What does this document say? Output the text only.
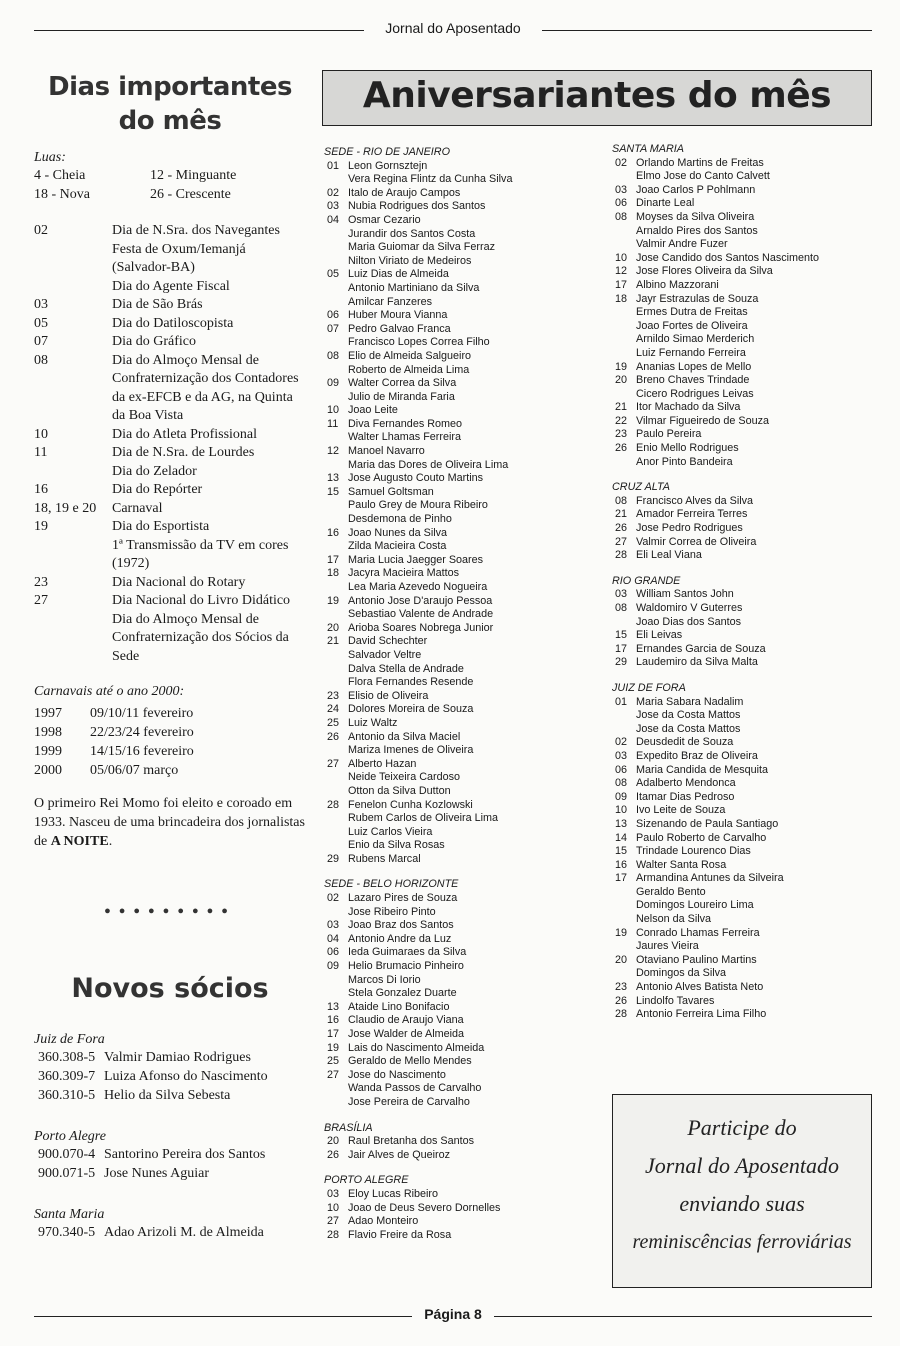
Jornal do Aposentado
Dias importantes
do mês
Luas:
4 - Cheia	12 - Minguante
18 - Nova	26 - Crescente
02	Dia de N.Sra. dos Navegantes
Festa de Oxum/Iemanjá (Salvador-BA)
Dia do Agente Fiscal
03	Dia de São Brás
05	Dia do Datiloscopista
07	Dia do Gráfico
08	Dia do Almoço Mensal de Confraternização dos Contadores da ex-EFCB e da AG, na Quinta da Boa Vista
10	Dia do Atleta Profissional
11	Dia de N.Sra. de Lourdes
Dia do Zelador
16	Dia do Repórter
18, 19 e 20	Carnaval
19	Dia do Esportista
1ª Transmissão da TV em cores (1972)
23	Dia Nacional do Rotary
27	Dia Nacional do Livro Didático
Dia do Almoço Mensal de Confraternização dos Sócios da Sede
Carnavais até o ano 2000:
1997	09/10/11 fevereiro
1998	22/23/24 fevereiro
1999	14/15/16 fevereiro
2000	05/06/07 março
O primeiro Rei Momo foi eleito e coroado em 1933. Nasceu de uma brincadeira dos jornalistas de A NOITE.
●●●●●●●●●
Novos sócios
Juiz de Fora
360.308-5 Valmir Damiao Rodrigues
360.309-7 Luiza Afonso do Nascimento
360.310-5 Helio da Silva Sebesta
Porto Alegre
900.070-4 Santorino Pereira dos Santos
900.071-5 Jose Nunes Aguiar
Santa Maria
970.340-5 Adao Arizoli M. de Almeida
Aniversariantes do mês
SEDE - RIO DE JANEIRO
01 Leon Gornsztejn
Vera Regina Flintz da Cunha Silva
02 Italo de Araujo Campos
03 Nubia Rodrigues dos Santos
04 Osmar Cezario
Jurandir dos Santos Costa
Maria Guiomar da Silva Ferraz
Nilton Viriato de Medeiros
05 Luiz Dias de Almeida
Antonio Martiniano da Silva
Amilcar Fanzeres
06 Huber Moura Vianna
07 Pedro Galvao Franca
Francisco Lopes Correa Filho
08 Elio de Almeida Salgueiro
Roberto de Almeida Lima
09 Walter Correa da Silva
Julio de Miranda Faria
10 Joao Leite
11 Diva Fernandes Romeo
Walter Lhamas Ferreira
12 Manoel Navarro
Maria das Dores de Oliveira Lima
13 Jose Augusto Couto Martins
15 Samuel Goltsman
Paulo Grey de Moura Ribeiro
Desdemona de Pinho
16 Joao Nunes da Silva
Zilda Macieira Costa
17 Maria Lucia Jaegger Soares
18 Jacyra Macieira Mattos
Lea Maria Azevedo Nogueira
19 Antonio Jose D'araujo Pessoa
Sebastiao Valente de Andrade
20 Arioba Soares Nobrega Junior
21 David Schechter
Salvador Veltre
Dalva Stella de Andrade
Flora Fernandes Resende
23 Elisio de Oliveira
24 Dolores Moreira de Souza
25 Luiz Waltz
26 Antonio da Silva Maciel
Mariza Imenes de Oliveira
27 Alberto Hazan
Neide Teixeira Cardoso
Otton da Silva Dutton
28 Fenelon Cunha Kozlowski
Rubem Carlos de Oliveira Lima
Luiz Carlos Vieira
Enio da Silva Rosas
29 Rubens Marcal
SEDE - BELO HORIZONTE
02 Lazaro Pires de Souza
Jose Ribeiro Pinto
03 Joao Braz dos Santos
04 Antonio Andre da Luz
06 Ieda Guimaraes da Silva
09 Helio Brumacio Pinheiro
Marcos Di Iorio
Stela Gonzalez Duarte
13 Ataide Lino Bonifacio
16 Claudio de Araujo Viana
17 Jose Walder de Almeida
19 Lais do Nascimento Almeida
25 Geraldo de Mello Mendes
27 Jose do Nascimento
Wanda Passos de Carvalho
Jose Pereira de Carvalho
BRASÍLIA
20 Raul Bretanha dos Santos
26 Jair Alves de Queiroz
PORTO ALEGRE
03 Eloy Lucas Ribeiro
10 Joao de Deus Severo Dornelles
27 Adao Monteiro
28 Flavio Freire da Rosa
SANTA MARIA
02 Orlando Martins de Freitas
Elmo Jose do Canto Calvett
03 Joao Carlos P Pohlmann
06 Dinarte Leal
08 Moyses da Silva Oliveira
Arnaldo Pires dos Santos
Valmir Andre Fuzer
10 Jose Candido dos Santos Nascimento
12 Jose Flores Oliveira da Silva
17 Albino Mazzorani
18 Jayr Estrazulas de Souza
Ermes Dutra de Freitas
Joao Fortes de Oliveira
Arnildo Simao Merderich
Luiz Fernando Ferreira
19 Ananias Lopes de Mello
20 Breno Chaves Trindade
Cicero Rodrigues Leivas
21 Itor Machado da Silva
22 Vilmar Figueiredo de Souza
23 Paulo Pereira
26 Enio Mello Rodrigues
Anor Pinto Bandeira
CRUZ ALTA
08 Francisco Alves da Silva
21 Amador Ferreira Terres
26 Jose Pedro Rodrigues
27 Valmir Correa de Oliveira
28 Eli Leal Viana
RIO GRANDE
03 William Santos John
08 Waldomiro V Guterres
Joao Dias dos Santos
15 Eli Leivas
17 Ernandes Garcia de Souza
29 Laudemiro da Silva Malta
JUIZ DE FORA
01 Maria Sabara Nadalim
Jose da Costa Mattos
Jose da Costa Mattos
02 Deusdedit de Souza
03 Expedito Braz de Oliveira
06 Maria Candida de Mesquita
08 Adalberto Mendonca
09 Itamar Dias Pedroso
10 Ivo Leite de Souza
13 Sizenando de Paula Santiago
14 Paulo Roberto de Carvalho
15 Trindade Lourenco Dias
16 Walter Santa Rosa
17 Armandina Antunes da Silveira
Geraldo Bento
Domingos Loureiro Lima
Nelson da Silva
19 Conrado Lhamas Ferreira
Jaures Vieira
20 Otaviano Paulino Martins
Domingos da Silva
23 Antonio Alves Batista Neto
26 Lindolfo Tavares
28 Antonio Ferreira Lima Filho
Participe do
Jornal do Aposentado
enviando suas
reminiscências ferroviárias
Página 8
